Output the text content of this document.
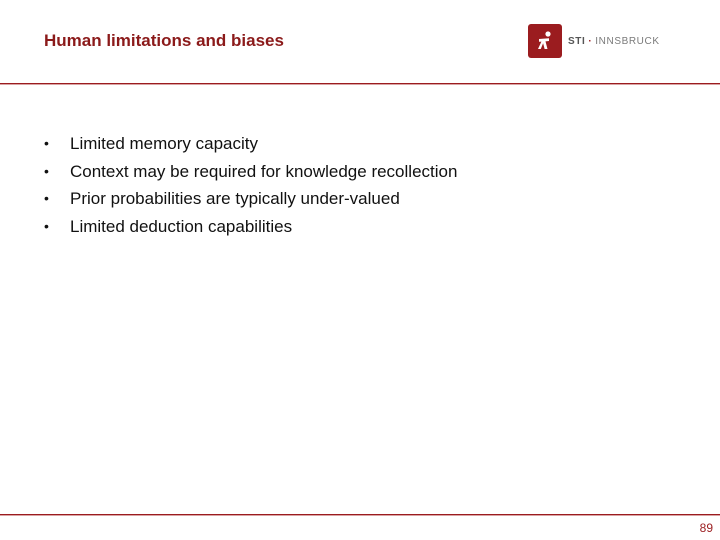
Human limitations and biases	STI · INNSBRUCK
•	Limited memory capacity
•	Context may be required for knowledge recollection
•	Prior probabilities are typically under-valued
•	Limited deduction capabilities
89
